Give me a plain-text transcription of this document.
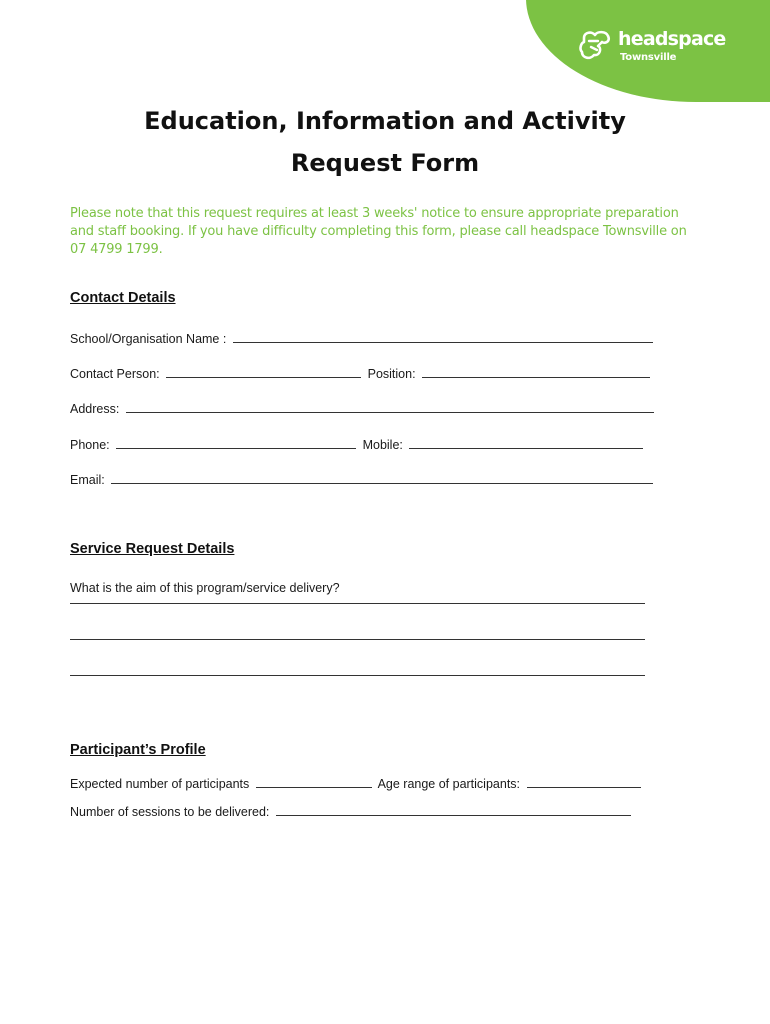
headspace
Townsville
Education, Information and Activity
Request Form

Please note that this request requires at least 3 weeks' notice to ensure appropriate preparation and staff booking. If you have difficulty completing this form, please call headspace Townsville on 07 4799 1799.

Contact Details
School/Organisation Name :
Contact Person:	Position:
Address:
Phone:	Mobile:
Email:
Service Request Details
What is the aim of this program/service delivery?
Participant’s Profile
Expected number of participants	Age range of participants:
Number of sessions to be delivered:
